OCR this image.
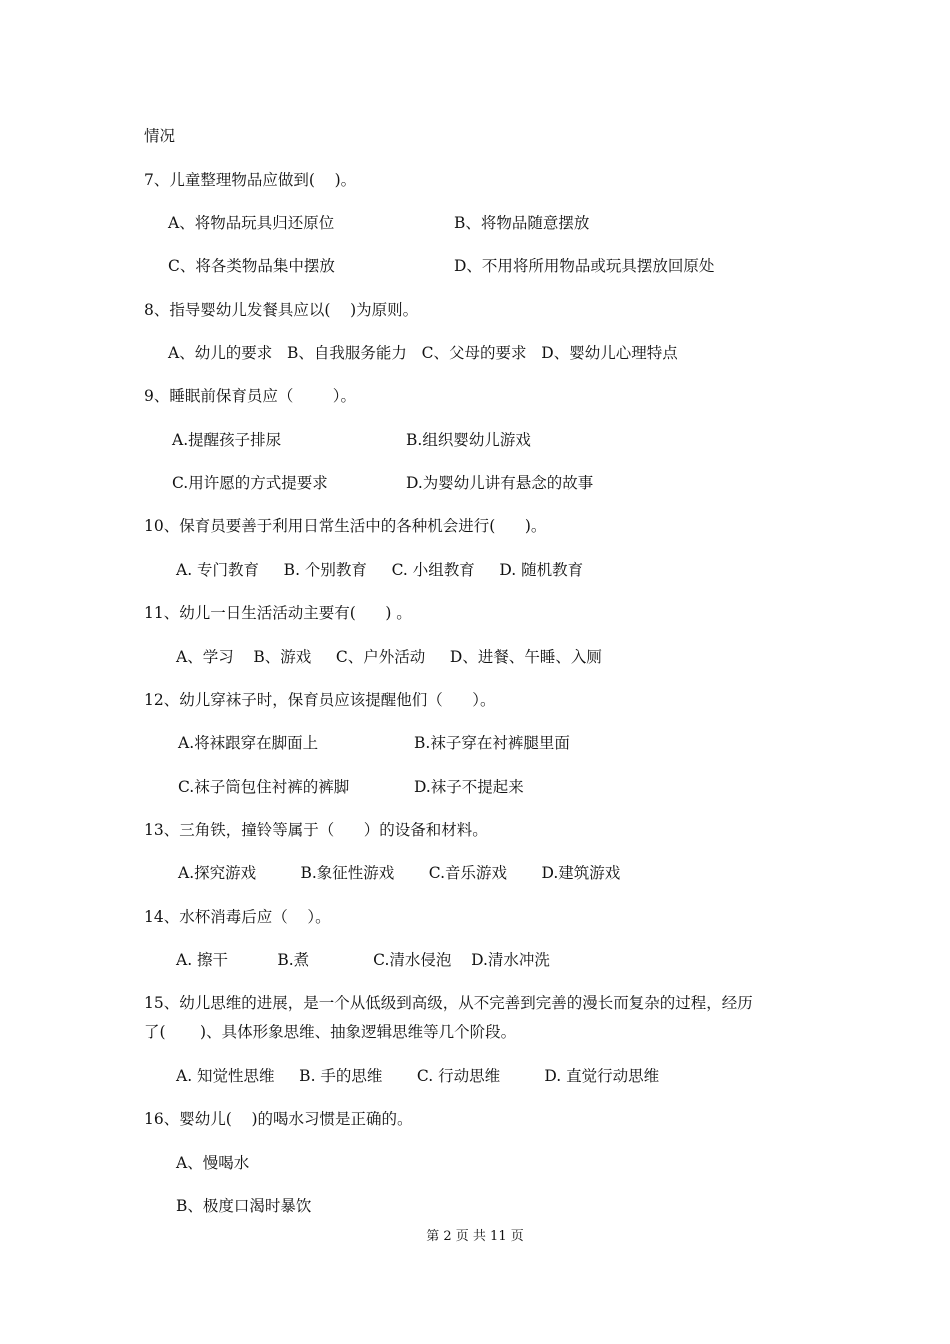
情况
7、儿童整理物品应做到(    )。
A、将物品玩具归还原位	B、将物品随意摆放
C、将各类物品集中摆放	D、不用将所用物品或玩具摆放回原处
8、指导婴幼儿发餐具应以(    )为原则。
A、幼儿的要求   B、自我服务能力   C、父母的要求   D、婴幼儿心理特点
9、睡眠前保育员应（        ）。
A.提醒孩子排尿	B.组织婴幼儿游戏
C.用许愿的方式提要求	D.为婴幼儿讲有悬念的故事
10、保育员要善于利用日常生活中的各种机会进行(      )。
A. 专门教育     B. 个别教育     C. 小组教育     D. 随机教育
11、幼儿一日生活活动主要有(      ) 。
A、学习    B、游戏     C、户外活动     D、进餐、午睡、入厕
12、幼儿穿袜子时，保育员应该提醒他们（      ）。
A.将袜跟穿在脚面上	B.袜子穿在衬裤腿里面
C.袜子筒包住衬裤的裤脚	D.袜子不提起来
13、三角铁，撞铃等属于（      ）的设备和材料。
A.探究游戏         B.象征性游戏       C.音乐游戏       D.建筑游戏
14、水杯消毒后应（    ）。
A. 擦干          B.煮             C.清水侵泡    D.清水冲洗
15、幼儿思维的进展，是一个从低级到高级，从不完善到完善的漫长而复杂的过程，经历
了(       )、具体形象思维、抽象逻辑思维等几个阶段。
A. 知觉性思维     B. 手的思维       C. 行动思维         D. 直觉行动思维
16、婴幼儿(    )的喝水习惯是正确的。
A、慢喝水
B、极度口渴时暴饮
第 2 页 共 11 页
